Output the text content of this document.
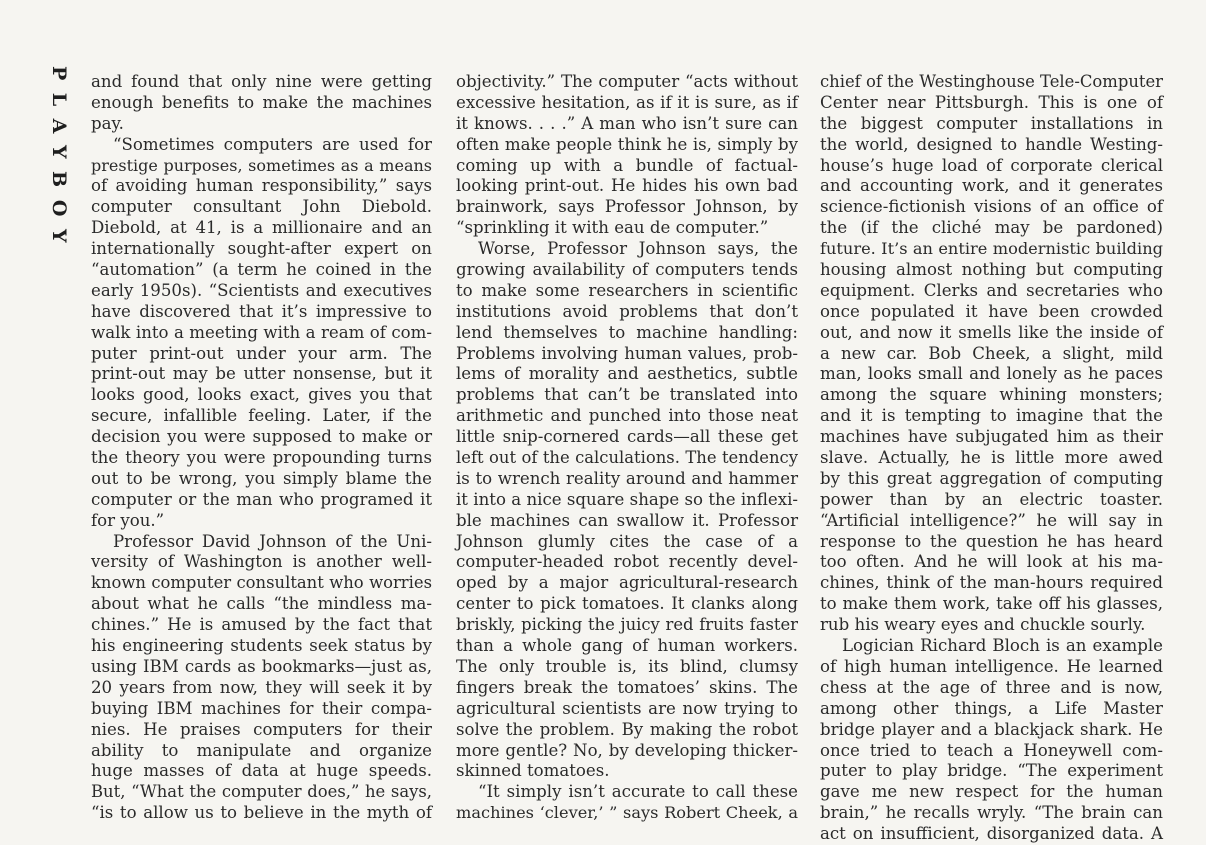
PLAYBOY and found that only nine were getting
enough benefits to make the machines
pay.
“Sometimes computers are used for
prestige purposes, sometimes as a means
of avoiding human responsibility,” says
computer consultant John Diebold.
Diebold, at 41, is a millionaire and an
internationally sought-after expert on
“automation” (a term he coined in the
early 1950s). “Scientists and executives
have discovered that it’s impressive to
walk into a meeting with a ream of com-
puter print-out under your arm. The
print-out may be utter nonsense, but it
looks good, looks exact, gives you that
secure, infallible feeling. Later, if the
decision you were supposed to make or
the theory you were propounding turns
out to be wrong, you simply blame the
computer or the man who programed it
for you.”
Professor David Johnson of the Uni-
versity of Washington is another well-
known computer consultant who worries
about what he calls “the mindless ma-
chines.” He is amused by the fact that
his engineering students seek status by
using IBM cards as bookmarks—just as,
20 years from now, they will seek it by
buying IBM machines for their compa-
nies. He praises computers for their
ability to manipulate and organize
huge masses of data at huge speeds.
But, “What the computer does,” he says,
“is to allow us to believe in the myth of
objectivity.” The computer “acts without
excessive hesitation, as if it is sure, as if
it knows. . . .” A man who isn’t sure can
often make people think he is, simply by
coming up with a bundle of factual-
looking print-out. He hides his own bad
brainwork, says Professor Johnson, by
“sprinkling it with eau de computer.”
Worse, Professor Johnson says, the
growing availability of computers tends
to make some researchers in scientific
institutions avoid problems that don’t
lend themselves to machine handling:
Problems involving human values, prob-
lems of morality and aesthetics, subtle
problems that can’t be translated into
arithmetic and punched into those neat
little snip-cornered cards—all these get
left out of the calculations. The tendency
is to wrench reality around and hammer
it into a nice square shape so the inflexi-
ble machines can swallow it. Professor
Johnson glumly cites the case of a
computer-headed robot recently devel-
oped by a major agricultural-research
center to pick tomatoes. It clanks along
briskly, picking the juicy red fruits faster
than a whole gang of human workers.
The only trouble is, its blind, clumsy
fingers break the tomatoes’ skins. The
agricultural scientists are now trying to
solve the problem. By making the robot
more gentle? No, by developing thicker-
skinned tomatoes.
“It simply isn’t accurate to call these
machines ‘clever,’ ” says Robert Cheek, a
chief of the Westinghouse Tele-Computer
Center near Pittsburgh. This is one of
the biggest computer installations in
the world, designed to handle Westing-
house’s huge load of corporate clerical
and accounting work, and it generates
science-fictionish visions of an office of
the (if the cliché may be pardoned)
future. It’s an entire modernistic building
housing almost nothing but computing
equipment. Clerks and secretaries who
once populated it have been crowded
out, and now it smells like the inside of
a new car. Bob Cheek, a slight, mild
man, looks small and lonely as he paces
among the square whining monsters;
and it is tempting to imagine that the
machines have subjugated him as their
slave. Actually, he is little more awed
by this great aggregation of computing
power than by an electric toaster.
“Artificial intelligence?” he will say in
response to the question he has heard
too often. And he will look at his ma-
chines, think of the man-hours required
to make them work, take off his glasses,
rub his weary eyes and chuckle sourly.
Logician Richard Bloch is an example
of high human intelligence. He learned
chess at the age of three and is now,
among other things, a Life Master
bridge player and a blackjack shark. He
once tried to teach a Honeywell com-
puter to play bridge. “The experiment
gave me new respect for the human
brain,” he recalls wryly. “The brain can
act on insufficient, disorganized data. A
